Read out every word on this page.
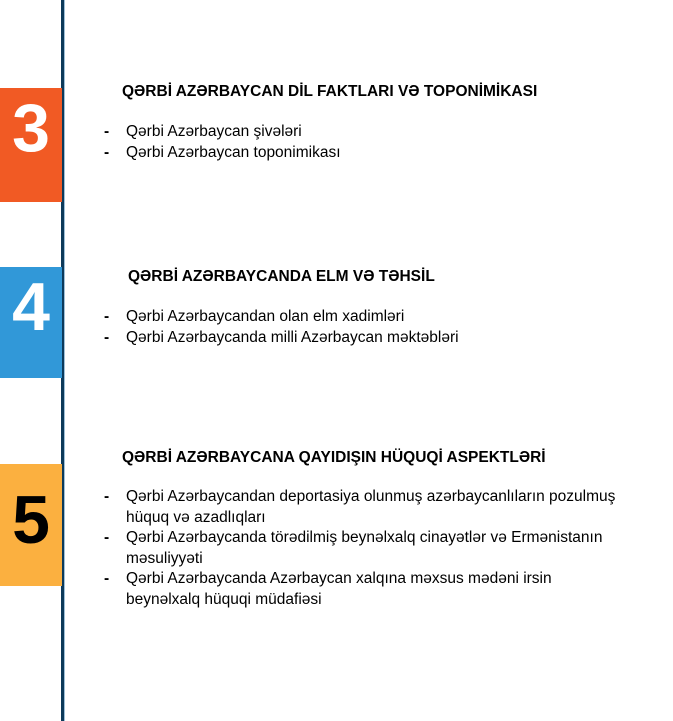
3	QƏRBİ AZƏRBAYCAN DİL FAKTLARI VƏ TOPONİMİKASI
- Qərbi Azərbaycan şivələri
- Qərbi Azərbaycan toponimikası
4	QƏRBİ AZƏRBAYCANDA ELM VƏ TƏHSİL
- Qərbi Azərbaycandan olan elm xadimləri
- Qərbi Azərbaycanda milli Azərbaycan məktəbləri
5
QƏRBİ AZƏRBAYCANA QAYIDIŞIN HÜQUQİ ASPEKTLƏRİ
- Qərbi Azərbaycandan deportasiya olunmuş azərbaycanlıların pozulmuş hüquq və azadlıqları
- Qərbi Azərbaycanda törədilmiş beynəlxalq cinayətlər və Ermənistanın məsuliyyəti
- Qərbi Azərbaycanda Azərbaycan xalqına məxsus mədəni irsin beynəlxalq hüquqi müdafiəsi
